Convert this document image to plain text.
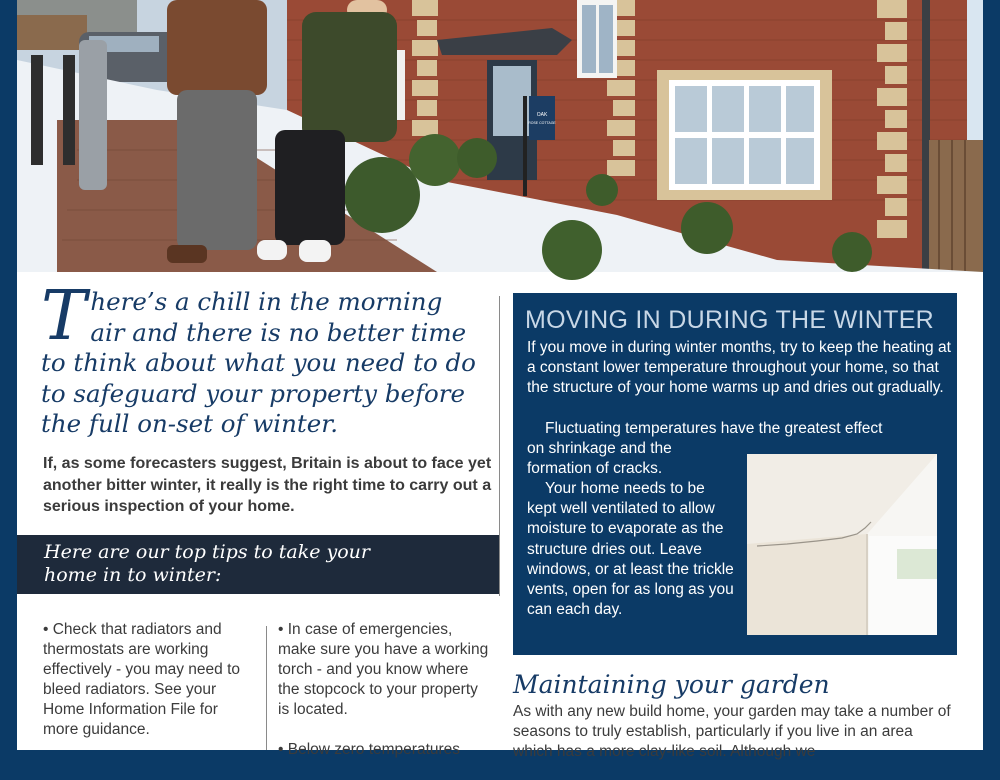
OAK
ROSE COTTAGE
T here’s a chill in the morning air and there is no better time to think about what you need to do to safeguard your property before the full on-set of winter.
If, as some forecasters suggest, Britain is about to face yet another bitter winter, it really is the right time to carry out a serious inspection of your home.
Here are our top tips to take your
home in to winter:

• Check that radiators and thermostats are working effectively - you may need to bleed radiators. See your Home Information File for more guidance.

• In case of emergencies, make sure you have a working torch - and you know where the stopcock to your property is located.

• Below zero temperatures

MOVING IN DURING THE WINTER

If you move in during winter months, try to keep the heating at a constant lower temperature throughout your home, so that the structure of your home warms up and dries out gradually.

Fluctuating temperatures have the greatest effect
on shrinkage and the formation of cracks.

Your home needs to be kept well ventilated to allow moisture to evaporate as the structure dries out. Leave windows, or at least the trickle vents, open for as long as you can each day.

Maintaining your garden
As with any new build home, your garden may take a number of seasons to truly establish, particularly if you live in an area which has a more clay-like soil. Although we
